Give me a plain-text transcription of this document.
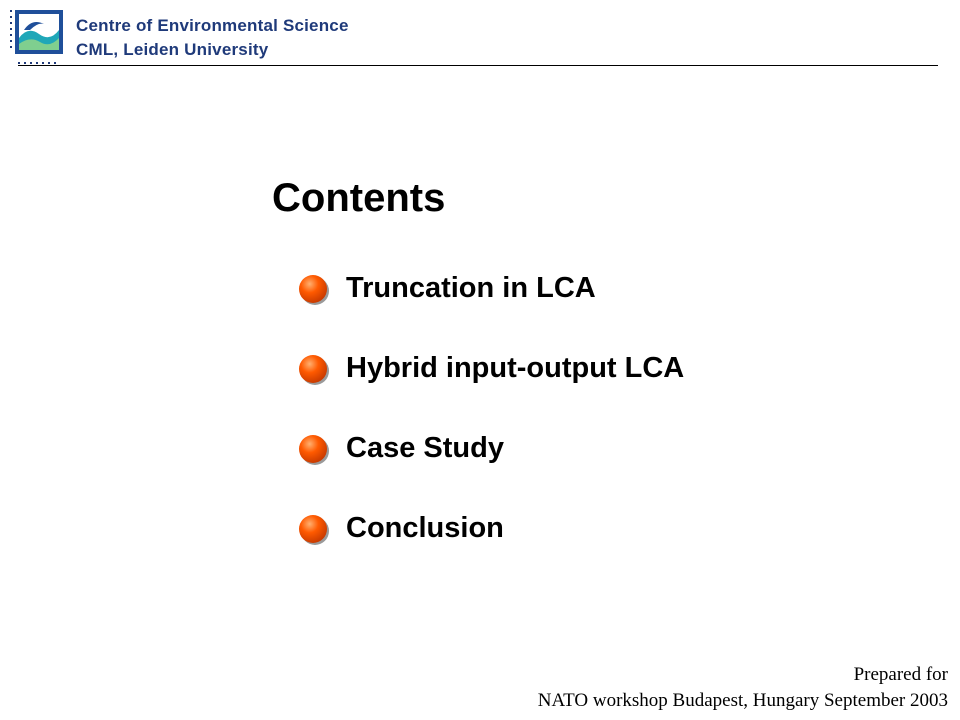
Centre of Environmental Science
CML, Leiden University
Contents
Truncation in LCA
Hybrid input-output LCA
Case Study
Conclusion
Prepared for
NATO workshop Budapest, Hungary September 2003
